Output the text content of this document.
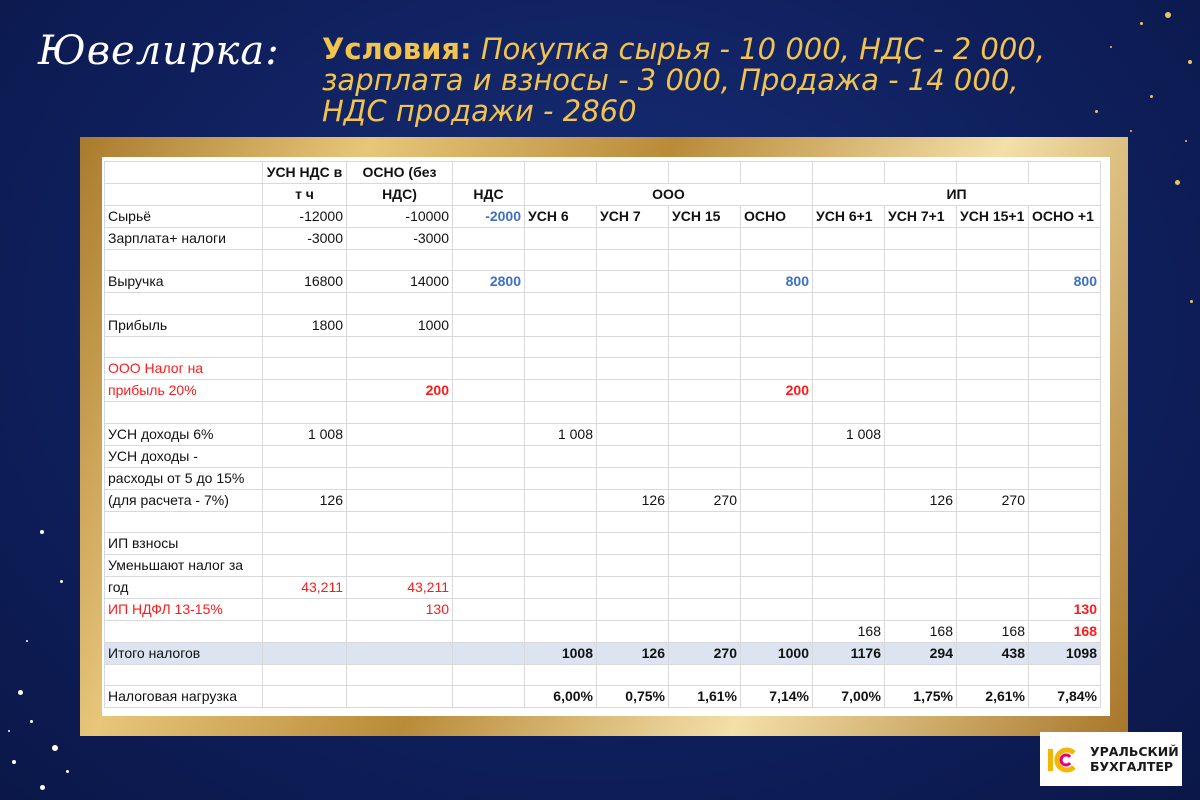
Ювелирка: Условия: Покупка сырья - 10 000, НДС - 2 000, зарплата и взносы - 3 000, Продажа - 14 000, НДС продажи - 2860
	УСН НДС в	ОСНО (без									
	т ч	НДС)	НДС	ООО				ИП			
Сырьё	-12000	-10000	-2000	УСН 6	УСН 7	УСН 15	ОСНО	УСН 6+1	УСН 7+1	УСН 15+1	ОСНО +1
Зарплата+ налоги	-3000	-3000									

Выручка	16800	14000	2800				800				800

Прибыль	1800	1000									

ООО Налог на											
прибыль 20%		200					200				

УСН доходы 6%	1 008			1 008				1 008			
УСН доходы -											
расходы от 5 до 15%											
(для расчета - 7%)	126				126	270			126	270	

ИП взносы											
Уменьшают налог за											
год	43,211	43,211									
ИП НДФЛ 13-15%		130									130
								168	168	168	168
Итого налогов				1008	126	270	1000	1176	294	438	1098

Налоговая нагрузка				6,00%	0,75%	1,61%	7,14%	7,00%	1,75%	2,61%	7,84%
УРАЛЬСКИЙ
БУХГАЛТЕР
